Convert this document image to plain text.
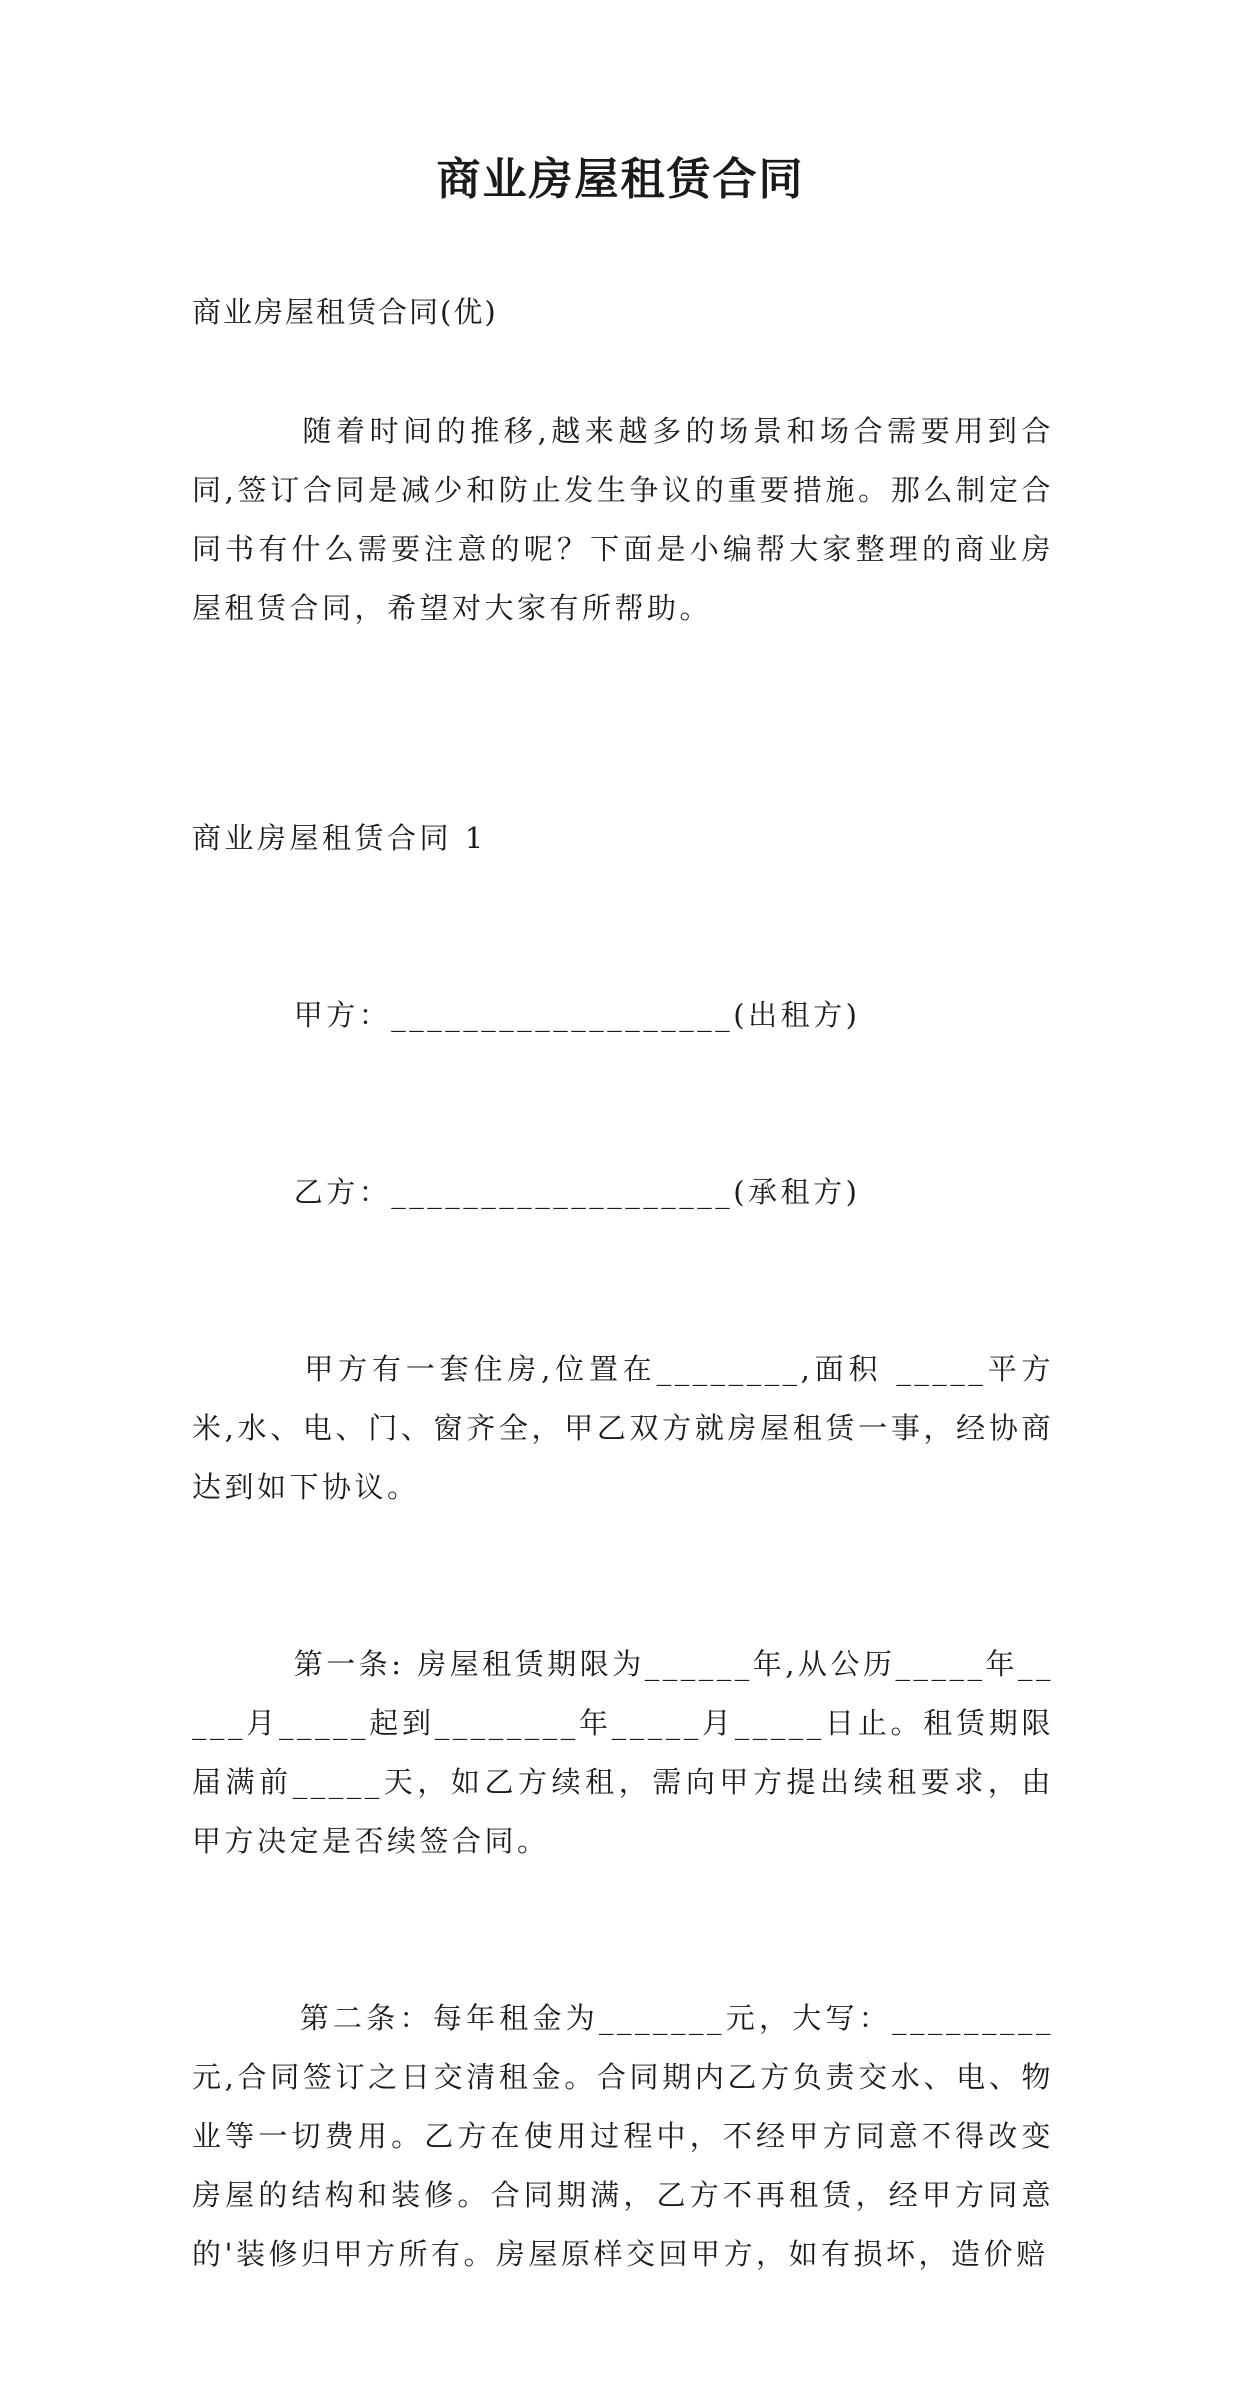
商业房屋租赁合同
商业房屋租赁合同(优)
随着时间的推移,越来越多的场景和场合需要用到合同,签订合同是减少和防止发生争议的重要措施。那么制定合同书有什么需要注意的呢？下面是小编帮大家整理的商业房屋租赁合同，希望对大家有所帮助。

商业房屋租赁合同 1

甲方：___________________(出租方)

乙方：___________________(承租方)

甲方有一套住房,位置在________,面积 _____平方米,水、电、门、窗齐全，甲乙双方就房屋租赁一事，经协商达到如下协议。

第一条: 房屋租赁期限为______年,从公历_____年_____月_____起到________年_____月_____日止。租赁期限届满前_____天，如乙方续租，需向甲方提出续租要求，由甲方决定是否续签合同。

第二条：每年租金为_______元，大写：_________元,合同签订之日交清租金。合同期内乙方负责交水、电、物业等一切费用。乙方在使用过程中，不经甲方同意不得改变房屋的结构和装修。合同期满，乙方不再租赁，经甲方同意的'装修归甲方所有。房屋原样交回甲方，如有损坏，造价赔
